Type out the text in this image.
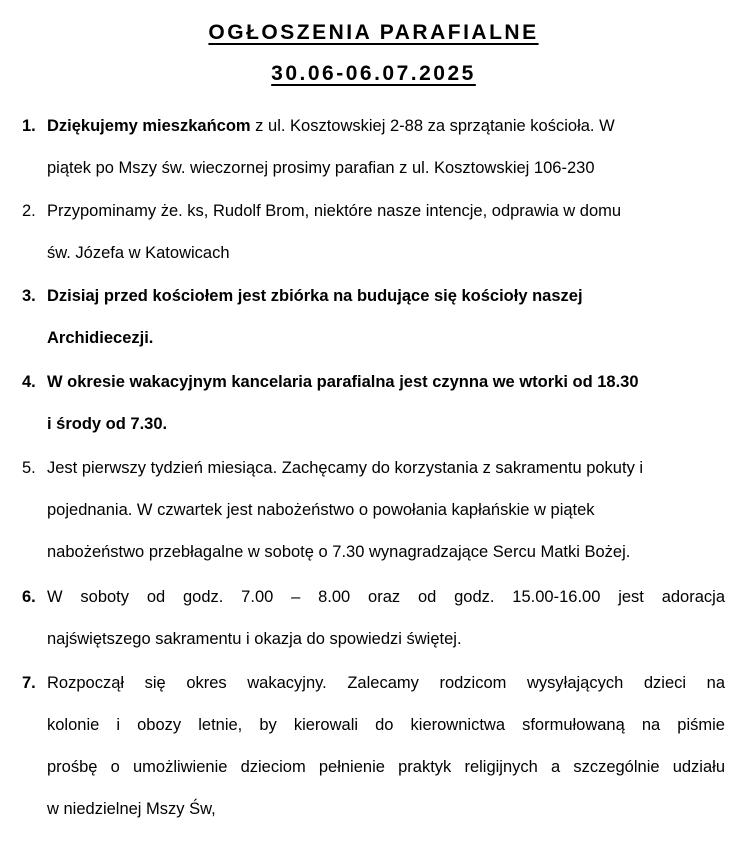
OGŁOSZENIA PARAFIALNE
30.06-06.07.2025
1. Dziękujemy mieszkańcom z ul. Kosztowskiej 2-88 za sprzątanie kościoła. W
piątek po Mszy św. wieczornej prosimy parafian z ul. Kosztowskiej 106-230
2. Przypominamy że. ks, Rudolf Brom, niektóre nasze intencje, odprawia w domu
św. Józefa w Katowicach
3. Dzisiaj przed kościołem jest zbiórka na budujące się kościoły naszej
Archidiecezji.
4. W okresie wakacyjnym kancelaria parafialna jest czynna we wtorki od 18.30
i środy od 7.30.
5. Jest pierwszy tydzień miesiąca. Zachęcamy do korzystania z sakramentu pokuty i
pojednania. W czwartek jest nabożeństwo o powołania kapłańskie w piątek
nabożeństwo przebłagalne w sobotę o 7.30 wynagradzające Sercu Matki Bożej.
6. W soboty od godz. 7.00 – 8.00 oraz od godz. 15.00-16.00 jest adoracja
najświętszego sakramentu i okazja do spowiedzi świętej.
7. Rozpoczął się okres wakacyjny. Zalecamy rodzicom wysyłających dzieci na
kolonie i obozy letnie, by kierowali do kierownictwa sformułowaną na piśmie
prośbę o umożliwienie dzieciom pełnienie praktyk religijnych a szczególnie udziału
w niedzielnej Mszy Św,
